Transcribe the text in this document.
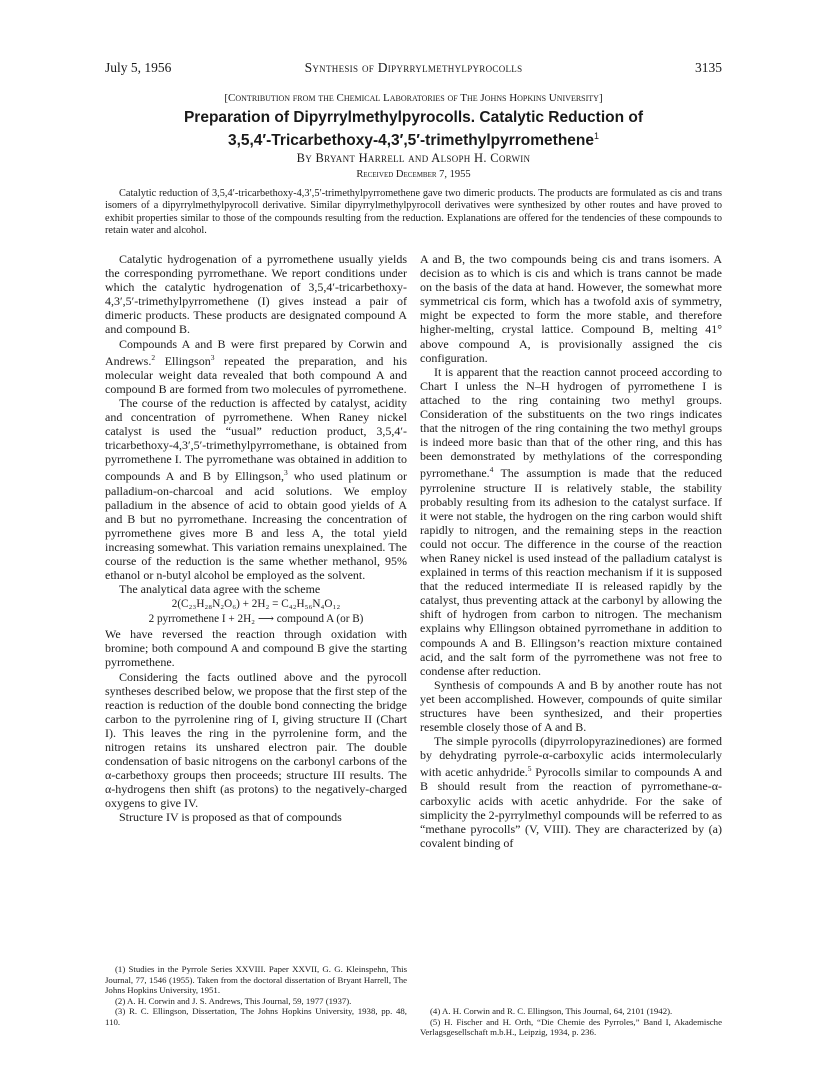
July 5, 1956	Synthesis of Dipyrrylmethylpyrocolls	3135
[Contribution from the Chemical Laboratories of The Johns Hopkins University]
Preparation of Dipyrrylmethylpyrocolls. Catalytic Reduction of
3,5,4′-Tricarbethoxy-4,3′,5′-trimethylpyrromethene$^1$
By Bryant Harrell and Alsoph H. Corwin
Received December 7, 1955
Catalytic reduction of 3,5,4′-tricarbethoxy-4,3′,5′-trimethylpyrromethene gave two dimeric products. The products are formulated as cis and trans isomers of a dipyrrylmethylpyrocoll derivative. Similar dipyrrylmethylpyrocoll derivatives were synthesized by other routes and have proved to exhibit properties similar to those of the compounds resulting from the reduction. Explanations are offered for the tendencies of these compounds to retain water and alcohol.

Catalytic hydrogenation of a pyrromethene usually yields the corresponding pyrromethane. We report conditions under which the catalytic hydrogenation of 3,5,4′-tricarbethoxy-4,3′,5′-trimethylpyrromethene (I) gives instead a pair of dimeric products. These products are designated compound A and compound B.

Compounds A and B were first prepared by Corwin and Andrews.$^2$ Ellingson$^3$ repeated the preparation, and his molecular weight data revealed that both compound A and compound B are formed from two molecules of pyrromethene.

The course of the reduction is affected by catalyst, acidity and concentration of pyrromethene. When Raney nickel catalyst is used the “usual” reduction product, 3,5,4′-tricarbethoxy-4,3′,5′-trimethylpyrromethane, is obtained from pyrromethene I. The pyrromethane was obtained in addition to compounds A and B by Ellingson,$^3$ who used platinum or palladium-on-charcoal and acid solutions. We employ palladium in the absence of acid to obtain good yields of A and B but no pyrromethane. Increasing the concentration of pyrromethene gives more B and less A, the total yield increasing somewhat. This variation remains unexplained. The course of the reduction is the same whether methanol, 95% ethanol or n-butyl alcohol be employed as the solvent.

The analytical data agree with the scheme

2(C₂₃H₂₈N₂O₆) + 2H₂ = C₄₂H₅₆N₄O₁₂
2 pyrromethene I + 2H₂ ⟶ compound A (or B)

We have reversed the reaction through oxidation with bromine; both compound A and compound B give the starting pyrromethene.

Considering the facts outlined above and the pyrocoll syntheses described below, we propose that the first step of the reaction is reduction of the double bond connecting the bridge carbon to the pyrrolenine ring of I, giving structure II (Chart I). This leaves the ring in the pyrrolenine form, and the nitrogen retains its unshared electron pair. The double condensation of basic nitrogens on the carbonyl carbons of the α-carbethoxy groups then proceeds; structure III results. The α-hydrogens then shift (as protons) to the negatively-charged oxygens to give IV.

Structure IV is proposed as that of compounds

(1) Studies in the Pyrrole Series XXVIII. Paper XXVII, G. G. Kleinspehn, This Journal, 77, 1546 (1955). Taken from the doctoral dissertation of Bryant Harrell, The Johns Hopkins University, 1951.

(2) A. H. Corwin and J. S. Andrews, This Journal, 59, 1977 (1937).

(3) R. C. Ellingson, Dissertation, The Johns Hopkins University, 1938, pp. 48, 110.

A and B, the two compounds being cis and trans isomers. A decision as to which is cis and which is trans cannot be made on the basis of the data at hand. However, the somewhat more symmetrical cis form, which has a twofold axis of symmetry, might be expected to form the more stable, and therefore higher-melting, crystal lattice. Compound B, melting 41° above compound A, is provisionally assigned the cis configuration.

It is apparent that the reaction cannot proceed according to Chart I unless the N–H hydrogen of pyrromethene I is attached to the ring containing two methyl groups. Consideration of the substituents on the two rings indicates that the nitrogen of the ring containing the two methyl groups is indeed more basic than that of the other ring, and this has been demonstrated by methylations of the corresponding pyrromethane.$^4$ The assumption is made that the reduced pyrrolenine structure II is relatively stable, the stability probably resulting from its adhesion to the catalyst surface. If it were not stable, the hydrogen on the ring carbon would shift rapidly to nitrogen, and the remaining steps in the reaction could not occur. The difference in the course of the reaction when Raney nickel is used instead of the palladium catalyst is explained in terms of this reaction mechanism if it is supposed that the reduced intermediate II is released rapidly by the catalyst, thus preventing attack at the carbonyl by allowing the shift of hydrogen from carbon to nitrogen. The mechanism explains why Ellingson obtained pyrromethane in addition to compounds A and B. Ellingson’s reaction mixture contained acid, and the salt form of the pyrromethene was not free to condense after reduction.

Synthesis of compounds A and B by another route has not yet been accomplished. However, compounds of quite similar structures have been synthesized, and their properties resemble closely those of A and B.

The simple pyrocolls (dipyrrolopyrazinediones) are formed by dehydrating pyrrole-α-carboxylic acids intermolecularly with acetic anhydride.$^5$ Pyrocolls similar to compounds A and B should result from the reaction of pyrromethane-α-carboxylic acids with acetic anhydride. For the sake of simplicity the 2-pyrrylmethyl compounds will be referred to as “methane pyrocolls” (V, VIII). They are characterized by (a) covalent binding of

(4) A. H. Corwin and R. C. Ellingson, This Journal, 64, 2101 (1942).

(5) H. Fischer and H. Orth, “Die Chemie des Pyrroles,” Band I, Akademische Verlagsgesellschaft m.b.H., Leipzig, 1934, p. 236.
